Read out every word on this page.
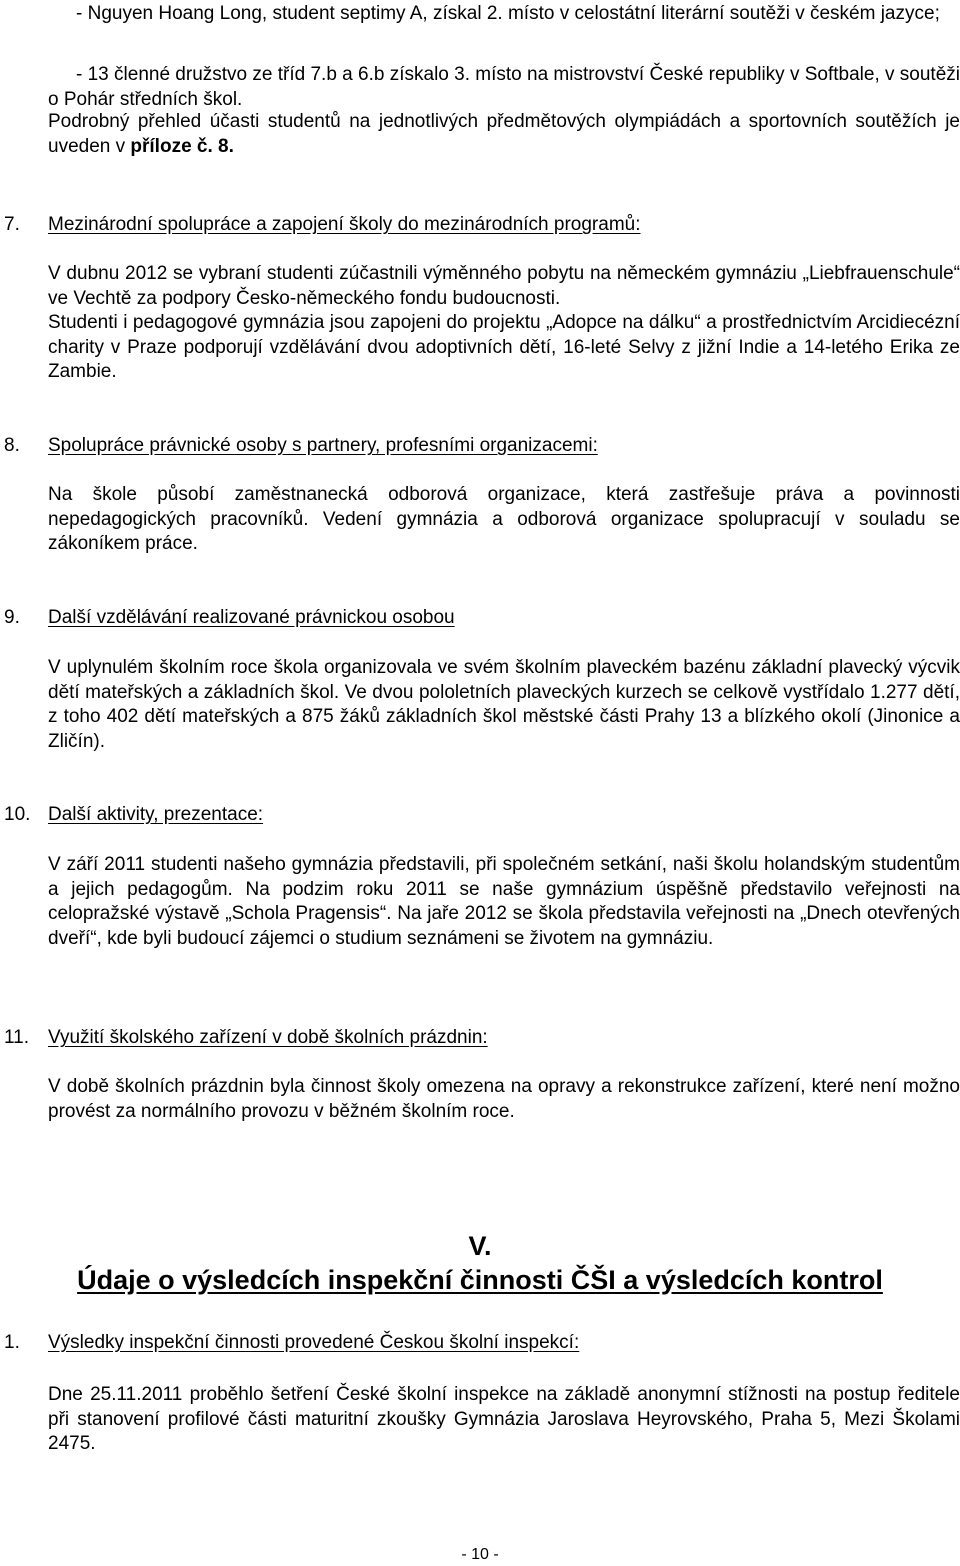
- Nguyen Hoang Long, student septimy A, získal 2. místo v celostátní literární soutěži v českém jazyce;
- 13 členné družstvo ze tříd 7.b a 6.b získalo 3. místo na mistrovství České republiky v Softbale, v soutěži o Pohár středních škol.
Podrobný přehled účasti studentů na jednotlivých předmětových olympiádách a sportovních soutěžích je uveden v příloze č. 8.
7. Mezinárodní spolupráce a zapojení školy do mezinárodních programů:
V dubnu 2012 se vybraní studenti zúčastnili výměnného pobytu na německém gymnáziu „Liebfrauenschule“ ve Vechtě za podpory Česko-německého fondu budoucnosti.
Studenti i pedagogové gymnázia jsou zapojeni do projektu „Adopce na dálku“ a prostřednictvím Arcidiecézní charity v Praze podporují vzdělávání dvou adoptivních dětí, 16-leté Selvy z jižní Indie a 14-letého Erika ze Zambie.
8. Spolupráce právnické osoby s partnery, profesními organizacemi:
Na škole působí zaměstnanecká odborová organizace, která zastřešuje práva a povinnosti nepedagogických pracovníků. Vedení gymnázia a odborová organizace spolupracují v souladu se zákoníkem práce.
9. Další vzdělávání realizované právnickou osobou
V uplynulém školním roce škola organizovala ve svém školním plaveckém bazénu základní plavecký výcvik dětí mateřských a základních škol. Ve dvou pololetních plaveckých kurzech se celkově vystřídalo 1.277 dětí, z toho 402 dětí mateřských a 875 žáků základních škol městské části Prahy 13 a blízkého okolí (Jinonice a Zličín).
10. Další aktivity, prezentace:
V září 2011 studenti našeho gymnázia představili, při společném setkání, naši školu holandským studentům a jejich pedagogům. Na podzim roku 2011 se naše gymnázium úspěšně představilo veřejnosti na celopražské výstavě „Schola Pragensis“. Na jaře 2012 se škola představila veřejnosti na „Dnech otevřených dveří“, kde byli budoucí zájemci o studium seznámeni se životem na gymnáziu.
11. Využití školského zařízení v době školních prázdnin:
V době školních prázdnin byla činnost školy omezena na opravy a rekonstrukce zařízení, které není možno provést za normálního provozu v běžném školním roce.
V.
Údaje o výsledcích inspekční činnosti ČŠI a výsledcích kontrol
1. Výsledky inspekční činnosti provedené Českou školní inspekcí:
Dne 25.11.2011 proběhlo šetření České školní inspekce na základě anonymní stížnosti na postup ředitele při stanovení profilové části maturitní zkoušky Gymnázia Jaroslava Heyrovského, Praha 5, Mezi Školami 2475.
- 10 -
